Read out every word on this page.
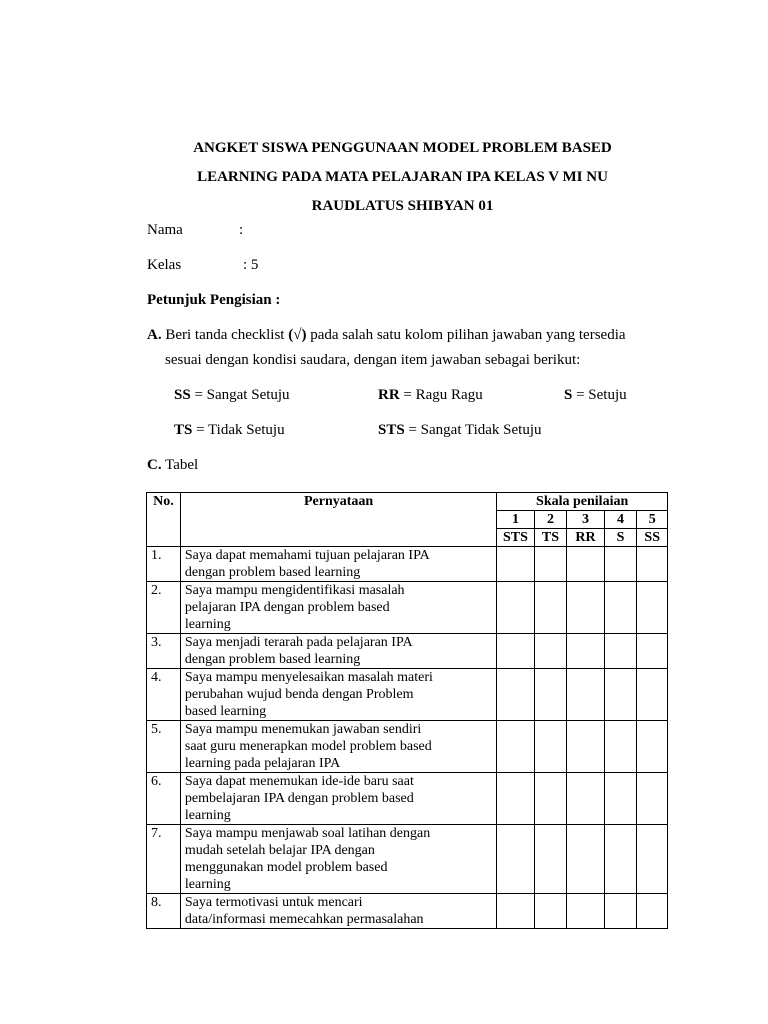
ANGKET SISWA PENGGUNAAN MODEL PROBLEM BASED
LEARNING PADA MATA PELAJARAN IPA KELAS V MI NU
RAUDLATUS SHIBYAN 01
Nama	:
Kelas	: 5
Petunjuk Pengisian :
A. Beri tanda checklist (√) pada salah satu kolom pilihan jawaban yang tersedia
sesuai dengan kondisi saudara, dengan item jawaban sebagai berikut:
SS = Sangat Setuju	RR = Ragu Ragu	S = Setuju
TS = Tidak Setuju	STS = Sangat Tidak Setuju
C. Tabel
No.	Pernyataan	Skala penilaian				
		1	2	3	4	5
		STS	TS	RR	S	SS
1.	Saya dapat memahami tujuan pelajaran IPA
dengan problem based learning					

2.	Saya mampu mengidentifikasi masalah
pelajaran IPA dengan problem based
learning					

3.	Saya menjadi terarah pada pelajaran IPA
dengan problem based learning					

4.	Saya mampu menyelesaikan masalah materi
perubahan wujud benda dengan Problem
based learning					

5.	Saya mampu menemukan jawaban sendiri
saat guru menerapkan model problem based
learning pada pelajaran IPA					

6.	Saya dapat menemukan ide-ide baru saat
pembelajaran IPA dengan problem based
learning					

7.	Saya mampu menjawab soal latihan dengan
mudah setelah belajar IPA dengan
menggunakan model problem based
learning					

8.	Saya termotivasi untuk mencari
data/informasi memecahkan permasalahan					
